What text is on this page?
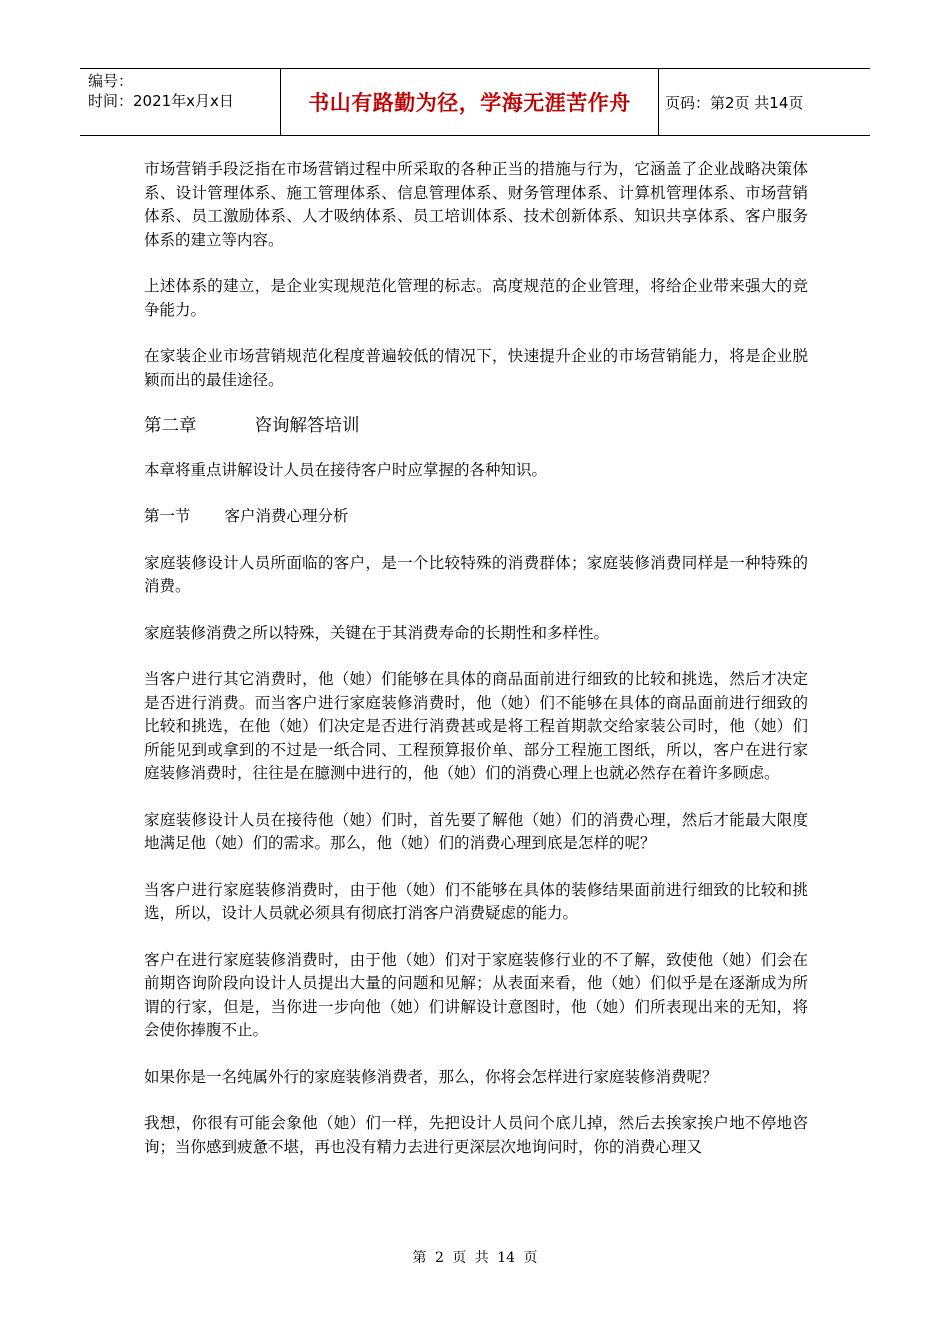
编号：
时间：2021年x月x日	书山有路勤为径，学海无涯苦作舟	页码：第2页 共14页

市场营销手段泛指在市场营销过程中所采取的各种正当的措施与行为，它涵盖了企业战略决策体系、设计管理体系、施工管理体系、信息管理体系、财务管理体系、计算机管理体系、市场营销体系、员工激励体系、人才吸纳体系、员工培训体系、技术创新体系、知识共享体系、客户服务体系的建立等内容。

上述体系的建立，是企业实现规范化管理的标志。高度规范的企业管理，将给企业带来强大的竞争能力。

在家装企业市场营销规范化程度普遍较低的情况下，快速提升企业的市场营销能力，将是企业脱颖而出的最佳途径。

第二章	咨询解答培训

本章将重点讲解设计人员在接待客户时应掌握的各种知识。

第一节 客户消费心理分析

家庭装修设计人员所面临的客户，是一个比较特殊的消费群体；家庭装修消费同样是一种特殊的消费。

家庭装修消费之所以特殊，关键在于其消费寿命的长期性和多样性。

当客户进行其它消费时，他（她）们能够在具体的商品面前进行细致的比较和挑选，然后才决定是否进行消费。而当客户进行家庭装修消费时，他（她）们不能够在具体的商品面前进行细致的比较和挑选，在他（她）们决定是否进行消费甚或是将工程首期款交给家装公司时，他（她）们所能见到或拿到的不过是一纸合同、工程预算报价单、部分工程施工图纸，所以，客户在进行家庭装修消费时，往往是在臆测中进行的，他（她）们的消费心理上也就必然存在着许多顾虑。

家庭装修设计人员在接待他（她）们时，首先要了解他（她）们的消费心理，然后才能最大限度地满足他（她）们的需求。那么，他（她）们的消费心理到底是怎样的呢？

当客户进行家庭装修消费时，由于他（她）们不能够在具体的装修结果面前进行细致的比较和挑选，所以，设计人员就必须具有彻底打消客户消费疑虑的能力。

客户在进行家庭装修消费时，由于他（她）们对于家庭装修行业的不了解，致使他（她）们会在前期咨询阶段向设计人员提出大量的问题和见解；从表面来看，他（她）们似乎是在逐渐成为所谓的行家，但是，当你进一步向他（她）们讲解设计意图时，他（她）们所表现出来的无知，将会使你捧腹不止。

如果你是一名纯属外行的家庭装修消费者，那么，你将会怎样进行家庭装修消费呢？

我想，你很有可能会象他（她）们一样，先把设计人员问个底儿掉，然后去挨家挨户地不停地咨询；当你感到疲惫不堪，再也没有精力去进行更深层次地询问时，你的消费心理又

第 2 页 共 14 页
